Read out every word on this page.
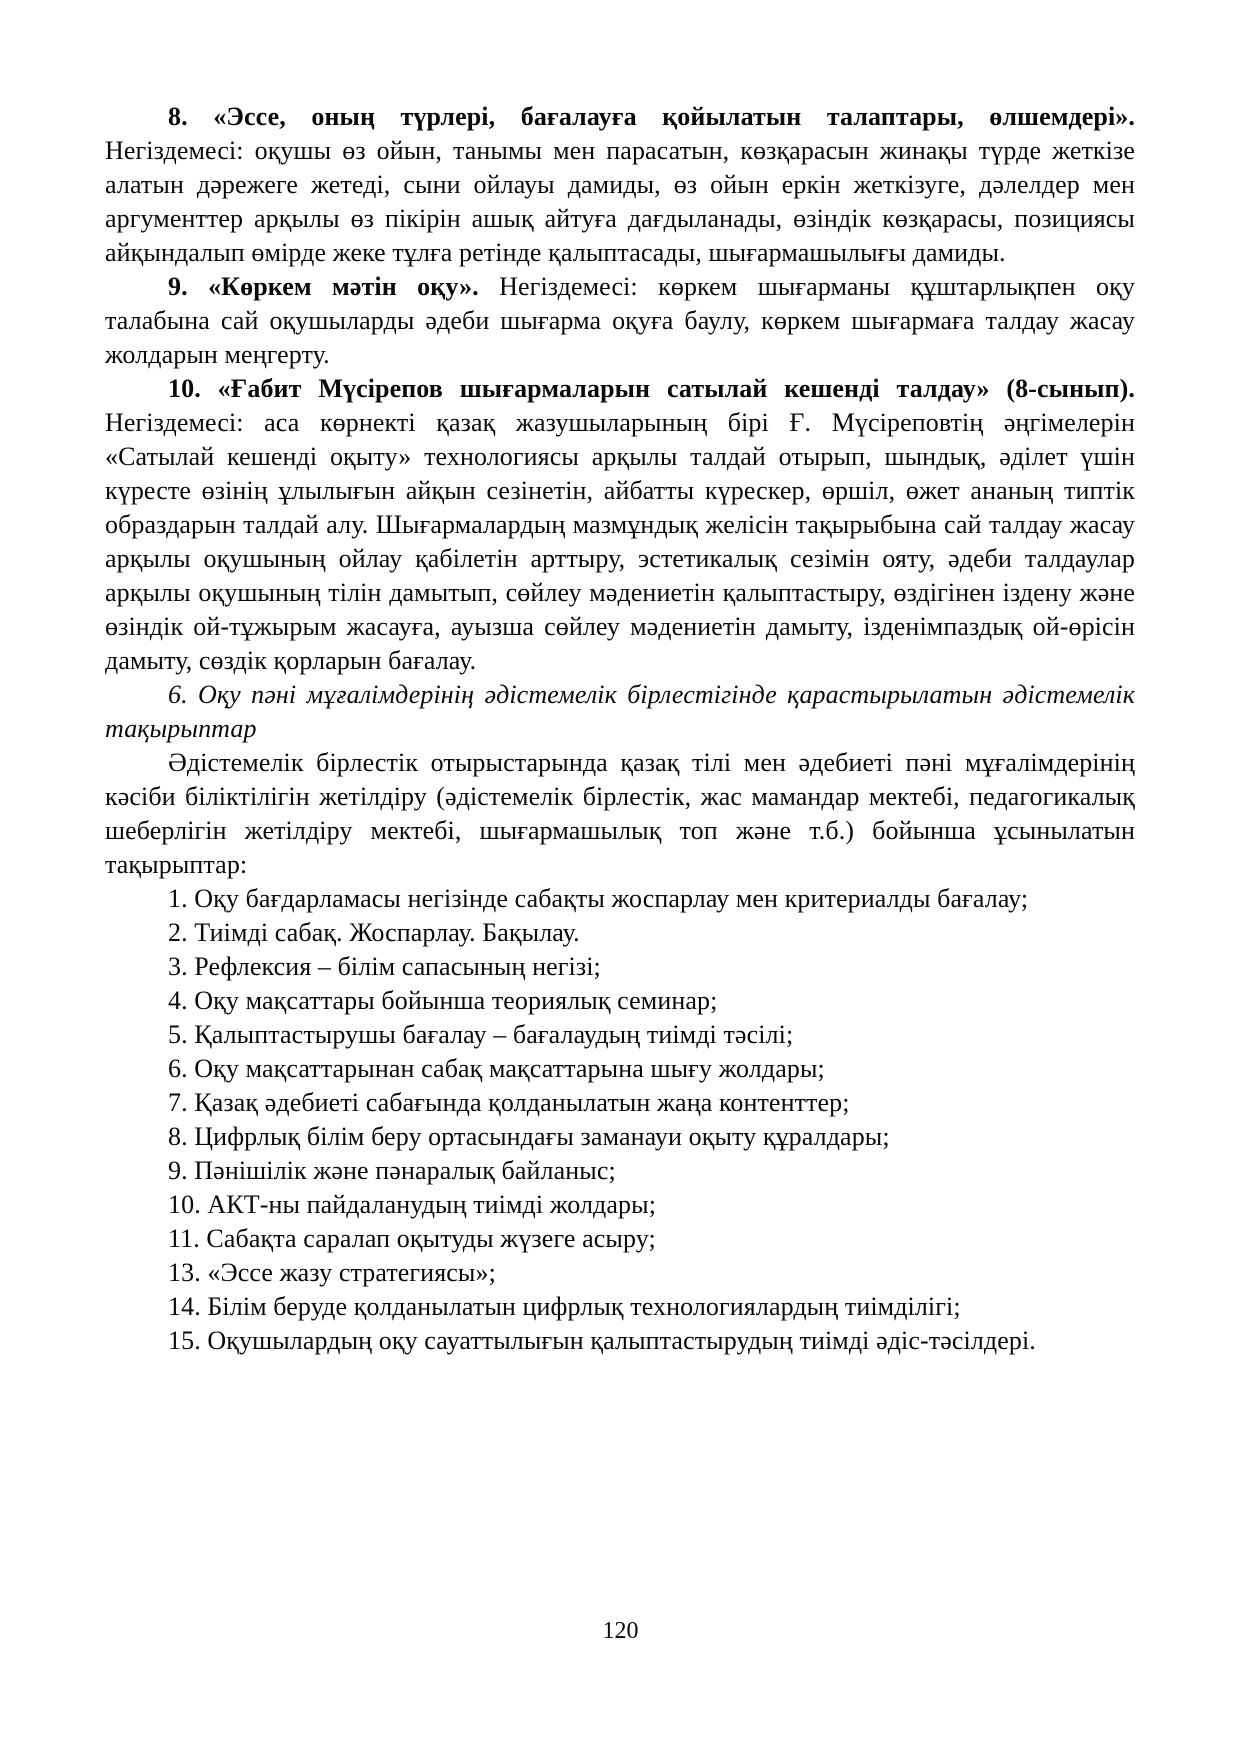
8. «Эссе, оның түрлері, бағалауға қойылатын талаптары, өлшемдері». Негіздемесі: оқушы өз ойын, танымы мен парасатын, көзқарасын жинақы түрде жеткізе алатын дәрежеге жетеді, сыни ойлауы дамиды, өз ойын еркін жеткізуге, дәлелдер мен аргументтер арқылы өз пікірін ашық айтуға дағдыланады, өзіндік көзқарасы, позициясы айқындалып өмірде жеке тұлға ретінде қалыптасады, шығармашылығы дамиды.

9. «Көркем мәтін оқу». Негіздемесі: көркем шығарманы құштарлықпен оқу талабына сай оқушыларды әдеби шығарма оқуға баулу, көркем шығармаға талдау жасау жолдарын меңгерту.

10. «Ғабит Мүсірепов шығармаларын сатылай кешенді талдау» (8-сынып). Негіздемесі: аса көрнекті қазақ жазушыларының бірі Ғ. Мүсіреповтің әңгімелерін «Сатылай кешенді оқыту» технологиясы арқылы талдай отырып, шындық, әділет үшін күресте өзінің ұлылығын айқын сезінетін, айбатты күрескер, өршіл, өжет ананың типтік образдарын талдай алу. Шығармалардың мазмұндық желісін тақырыбына сай талдау жасау арқылы оқушының ойлау қабілетін арттыру, эстетикалық сезімін ояту, әдеби талдаулар арқылы оқушының тілін дамытып, сөйлеу мәдениетін қалыптастыру, өздігінен іздену және өзіндік ой-тұжырым жасауға, ауызша сөйлеу мәдениетін дамыту, ізденімпаздық ой-өрісін дамыту, сөздік қорларын бағалау.

6. Оқу пәні мұғалімдерінің әдістемелік бірлестігінде қарастырылатын әдістемелік тақырыптар

Әдістемелік бірлестік отырыстарында қазақ тілі мен әдебиеті пәні мұғалімдерінің кәсіби біліктілігін жетілдіру (әдістемелік бірлестік, жас мамандар мектебі, педагогикалық шеберлігін жетілдіру мектебі, шығармашылық топ және т.б.) бойынша ұсынылатын тақырыптар:

1. Оқу бағдарламасы негізінде сабақты жоспарлау мен критериалды бағалау;

2. Тиімді сабақ. Жоспарлау. Бақылау.

3. Рефлексия – білім сапасының негізі;

4. Оқу мақсаттары бойынша теориялық семинар;

5. Қалыптастырушы бағалау – бағалаудың тиімді тәсілі;

6. Оқу мақсаттарынан сабақ мақсаттарына шығу жолдары;

7. Қазақ әдебиеті сабағында қолданылатын жаңа контенттер;

8. Цифрлық білім беру ортасындағы заманауи оқыту құралдары;

9. Пәнішілік және пәнаралық байланыс;

10. АКТ-ны пайдаланудың тиімді жолдары;

11. Сабақта саралап оқытуды жүзеге асыру;

13. «Эссе жазу стратегиясы»;

14. Білім беруде қолданылатын цифрлық технологиялардың тиімділігі;

15. Оқушылардың оқу сауаттылығын қалыптастырудың тиімді әдіс-тәсілдері.

120
